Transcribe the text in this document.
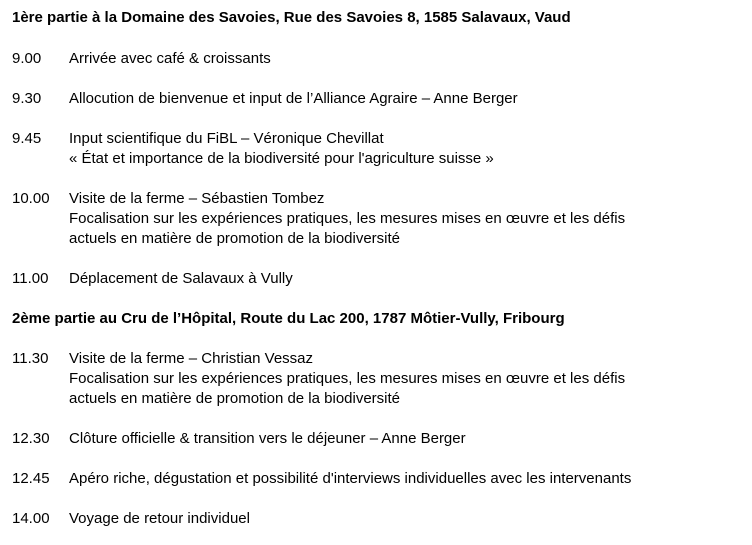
1ère partie à la Domaine des Savoies, Rue des Savoies 8, 1585 Salavaux, Vaud
9.00	Arrivée avec café & croissants
9.30	Allocution de bienvenue et input de l’Alliance Agraire – Anne Berger
9.45	Input scientifique du FiBL – Véronique Chevillat
« État et importance de la biodiversité pour l'agriculture suisse »
10.00	Visite de la ferme – Sébastien Tombez
Focalisation sur les expériences pratiques, les mesures mises en œuvre et les défis
actuels en matière de promotion de la biodiversité
11.00	Déplacement de Salavaux à Vully
2ème partie au Cru de l’Hôpital, Route du Lac 200, 1787 Môtier-Vully, Fribourg
11.30	Visite de la ferme – Christian Vessaz
Focalisation sur les expériences pratiques, les mesures mises en œuvre et les défis
actuels en matière de promotion de la biodiversité
12.30	Clôture officielle & transition vers le déjeuner – Anne Berger
12.45	Apéro riche, dégustation et possibilité d'interviews individuelles avec les intervenants
14.00	Voyage de retour individuel
